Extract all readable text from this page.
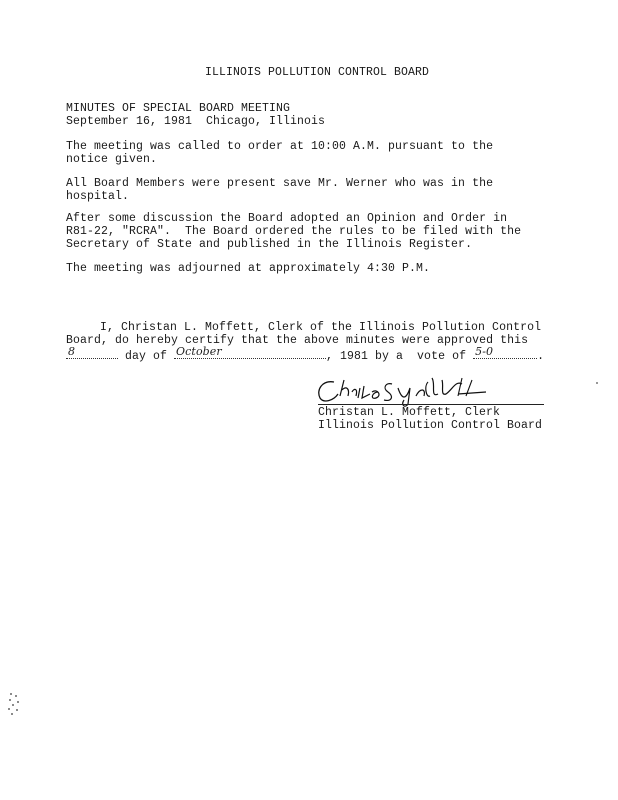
ILLINOIS POLLUTION CONTROL BOARD
MINUTES OF SPECIAL BOARD MEETING
September 16, 1981  Chicago, Illinois
The meeting was called to order at 10:00 A.M. pursuant to the
notice given.
All Board Members were present save Mr. Werner who was in the
hospital.
After some discussion the Board adopted an Opinion and Order in
R81-22, "RCRA".  The Board ordered the rules to be filed with the
Secretary of State and published in the Illinois Register.
The meeting was adjourned at approximately 4:30 P.M.
I, Christan L. Moffett, Clerk of the Illinois Pollution Control
Board, do hereby certify that the above minutes were approved this
8	day of October	, 1981 by a  vote of 5-0	.
Christan L. Moffett, Clerk
Illinois Pollution Control Board
